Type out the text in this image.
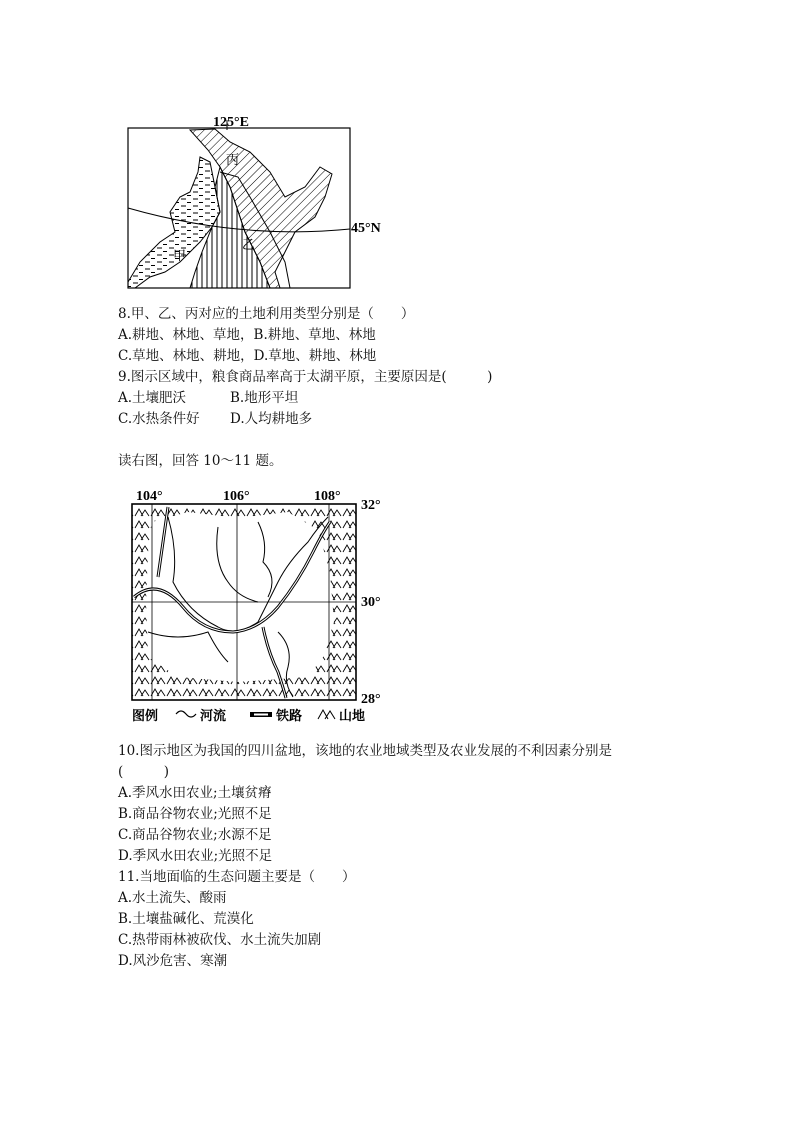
125°E
45°N
丙
乙
甲
8.甲、乙、丙对应的土地利用类型分别是（　　）
A.耕地、林地、草地，B.耕地、草地、林地
C.草地、林地、耕地，D.草地、耕地、林地
9.图示区域中，粮食商品率高于太湖平原，主要原因是(　　　)
A.土壤肥沃	B.地形平坦
C.水热条件好 D.人均耕地多
读右图，回答 10～11 题。
104°	106°	108°
32°
30°
28°
图例	河流	铁路	山地
10.图示地区为我国的四川盆地，该地的农业地域类型及农业发展的不利因素分别是
(　　　)
A.季风水田农业;土壤贫瘠
B.商品谷物农业;光照不足
C.商品谷物农业;水源不足
D.季风水田农业;光照不足
11.当地面临的生态问题主要是（　　）
A.水土流失、酸雨
B.土壤盐碱化、荒漠化
C.热带雨林被砍伐、水土流失加剧
D.风沙危害、寒潮
